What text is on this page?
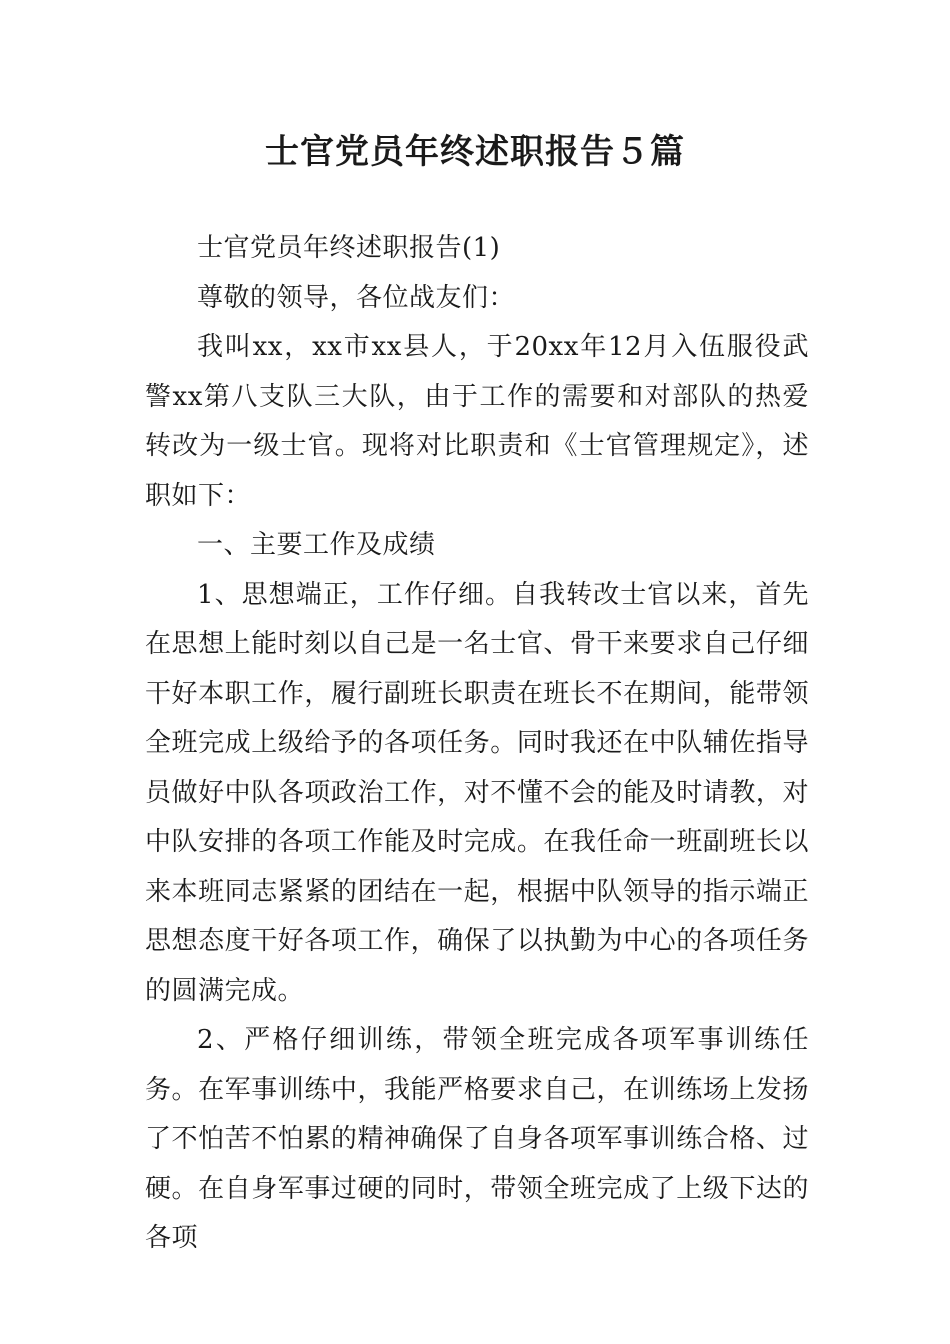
士官党员年终述职报告５篇

士官党员年终述职报告(1)

尊敬的领导，各位战友们：

我叫xx，xx市xx县人，于20xx年12月入伍服役武警xx第八支队三大队，由于工作的需要和对部队的热爱转改为一级士官。现将对比职责和《士官管理规定》，述职如下：

一、主要工作及成绩

1、思想端正，工作仔细。自我转改士官以来，首先在思想上能时刻以自己是一名士官、骨干来要求自己仔细干好本职工作，履行副班长职责在班长不在期间，能带领全班完成上级给予的各项任务。同时我还在中队辅佐指导员做好中队各项政治工作，对不懂不会的能及时请教，对中队安排的各项工作能及时完成。在我任命一班副班长以来本班同志紧紧的团结在一起，根据中队领导的指示端正思想态度干好各项工作，确保了以执勤为中心的各项任务的圆满完成。

2、严格仔细训练，带领全班完成各项军事训练任务。在军事训练中，我能严格要求自己，在训练场上发扬了不怕苦不怕累的精神确保了自身各项军事训练合格、过硬。在自身军事过硬的同时，带领全班完成了上级下达的各项
